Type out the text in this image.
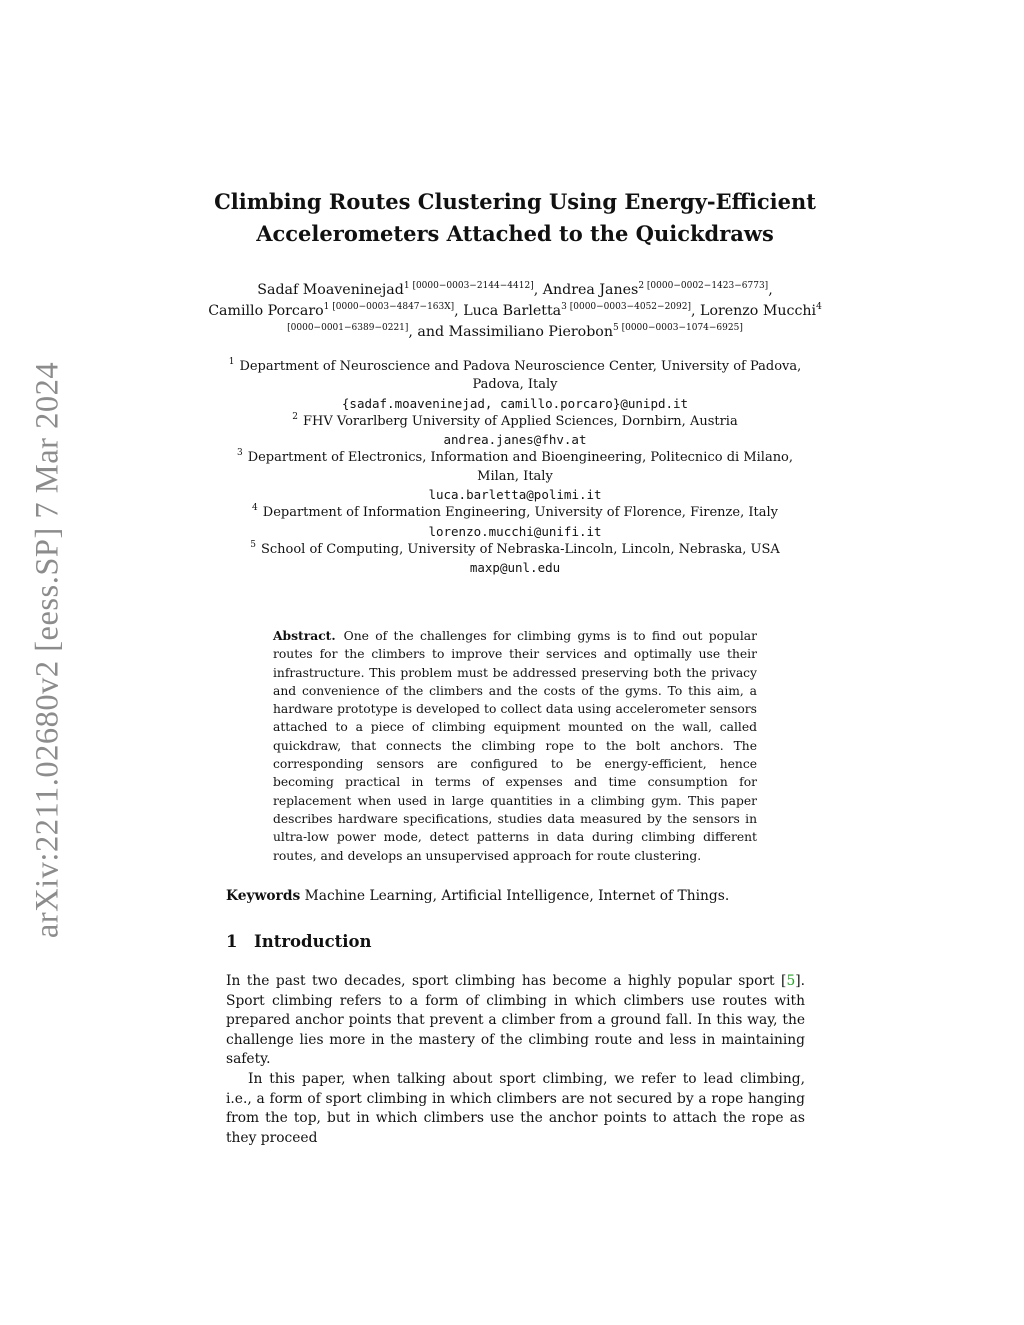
arXiv:2211.02680v2 [eess.SP] 7 Mar 2024
Climbing Routes Clustering Using Energy-Efficient
Accelerometers Attached to the Quickdraws

Sadaf Moaveninejad$^{1 [0000-0003-2144-4412]}$, Andrea Janes$^{2 [0000-0002-1423-6773]}$,
Camillo Porcaro$^{1 [0000-0003-4847-163X]}$, Luca Barletta$^{3 [0000-0003-4052-2092]}$, Lorenzo Mucchi$^{4 [0000-0001-6389-0221]}$, and Massimiliano Pierobon$^{5 [0000-0003-1074-6925]}$

$^1$ Department of Neuroscience and Padova Neuroscience Center, University of Padova, Padova, Italy
{sadaf.moaveninejad, camillo.porcaro}@unipd.it
$^2$ FHV Vorarlberg University of Applied Sciences, Dornbirn, Austria
andrea.janes@fhv.at
$^3$ Department of Electronics, Information and Bioengineering, Politecnico di Milano, Milan, Italy
luca.barletta@polimi.it
$^4$ Department of Information Engineering, University of Florence, Firenze, Italy
lorenzo.mucchi@unifi.it
$^5$ School of Computing, University of Nebraska-Lincoln, Lincoln, Nebraska, USA
maxp@unl.edu

Abstract. One of the challenges for climbing gyms is to find out popular routes for the climbers to improve their services and optimally use their infrastructure. This problem must be addressed preserving both the privacy and convenience of the climbers and the costs of the gyms. To this aim, a hardware prototype is developed to collect data using accelerometer sensors attached to a piece of climbing equipment mounted on the wall, called quickdraw, that connects the climbing rope to the bolt anchors. The corresponding sensors are configured to be energy-efficient, hence becoming practical in terms of expenses and time consumption for replacement when used in large quantities in a climbing gym. This paper describes hardware specifications, studies data measured by the sensors in ultra-low power mode, detect patterns in data during climbing different routes, and develops an unsupervised approach for route clustering.

Keywords Machine Learning, Artificial Intelligence, Internet of Things.

1 Introduction

In the past two decades, sport climbing has become a highly popular sport [5]. Sport climbing refers to a form of climbing in which climbers use routes with prepared anchor points that prevent a climber from a ground fall. In this way, the challenge lies more in the mastery of the climbing route and less in maintaining safety.

In this paper, when talking about sport climbing, we refer to lead climbing, i.e., a form of sport climbing in which climbers are not secured by a rope hanging from the top, but in which climbers use the anchor points to attach the rope as they proceed
